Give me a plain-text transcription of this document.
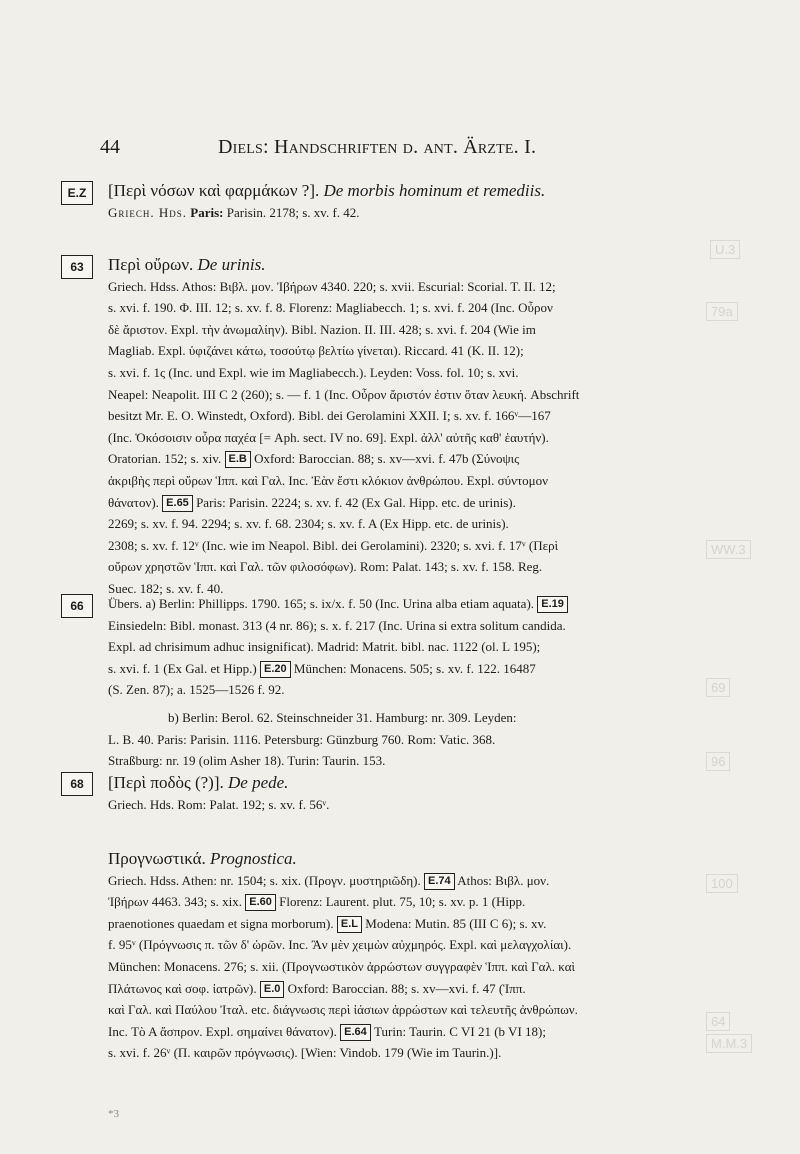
U.3
79a
WW.3
69
96
100
64
M.M.3
44	Diels: Handschriften d. ant. Ärzte. I.
E.Z
63
66
68

[Περὶ νόσων καὶ φαρμάκων ?]. De morbis hominum et remediis.

Griech. Hds. Paris: Parisin. 2178; s. xv. f. 42.

Περὶ οὔρων. De urinis.

Griech. Hdss. Athos: Βιβλ. μον. Ἰβήρων 4340. 220; s. xvii. Escurial: Scorial. T. II. 12;

s. xvi. f. 190. Φ. III. 12; s. xv. f. 8. Florenz: Magliabecch. 1; s. xvi. f. 204 (Inc. Οὖρον

δὲ ἄριστον. Expl. τὴν ἀνωμαλίην). Bibl. Nazion. II. III. 428; s. xvi. f. 204 (Wie im

Magliab. Expl. ὑφιζάνει κάτω, τοσούτῳ βελτίω γίνεται). Riccard. 41 (K. II. 12);

s. xvi. f. 1ς (Inc. und Expl. wie im Magliabecch.). Leyden: Voss. fol. 10; s. xvi.

Neapel: Neapolit. III C 2 (260); s. — f. 1 (Inc. Οὖρον ἄριστόν ἐστιν ὅταν λευκή. Abschrift

besitzt Mr. E. O. Winstedt, Oxford). Bibl. dei Gerolamini XXII. I; s. xv. f. 166ᵛ—167

(Inc. Ὁκόσοισιν οὖρα παχέα [= Aph. sect. IV no. 69]. Expl. ἀλλ' αὐτῆς καθ' ἑαυτήν).

Oratorian. 152; s. xiv. E.B Oxford: Baroccian. 88; s. xv—xvi. f. 47b (Σύνοψις

ἀκριβὴς περὶ οὔρων Ἱππ. καὶ Γαλ. Inc. Ἐὰν ἔστι κλόκιον ἀνθρώπου. Expl. σύντομον

θάνατον). E.65 Paris: Parisin. 2224; s. xv. f. 42 (Ex Gal. Hipp. etc. de urinis).

2269; s. xv. f. 94. 2294; s. xv. f. 68. 2304; s. xv. f. A (Ex Hipp. etc. de urinis).

2308; s. xv. f. 12ᵛ (Inc. wie im Neapol. Bibl. dei Gerolamini). 2320; s. xvi. f. 17ᵛ (Περὶ

οὔρων χρηστῶν Ἱππ. καὶ Γαλ. τῶν φιλοσόφων). Rom: Palat. 143; s. xv. f. 158. Reg.

Suec. 182; s. xv. f. 40.

Übers. a) Berlin: Phillipps. 1790. 165; s. ix/x. f. 50 (Inc. Urina alba etiam aquata). E.19

Einsiedeln: Bibl. monast. 313 (4 nr. 86); s. x. f. 217 (Inc. Urina si extra solitum candida.

Expl. ad chrisimum adhuc insignificat). Madrid: Matrit. bibl. nac. 1122 (ol. L 195);

s. xvi. f. 1 (Ex Gal. et Hipp.) E.20 München: Monacens. 505; s. xv. f. 122. 16487

(S. Zen. 87); a. 1525—1526 f. 92.

b) Berlin: Berol. 62. Steinschneider 31. Hamburg: nr. 309. Leyden:

L. B. 40. Paris: Parisin. 1116. Petersburg: Günzburg 760. Rom: Vatic. 368.

Straßburg: nr. 19 (olim Asher 18). Turin: Taurin. 153.

[Περὶ ποδὸς (?)]. De pede.

Griech. Hds. Rom: Palat. 192; s. xv. f. 56ᵛ.

Προγνωστικά. Prognostica.

Griech. Hdss. Athen: nr. 1504; s. xix. (Προγν. μυστηριῶδη). E.74 Athos: Βιβλ. μον.

Ἰβήρων 4463. 343; s. xix. E.60 Florenz: Laurent. plut. 75, 10; s. xv. p. 1 (Hipp.

praenotiones quaedam et signa morborum). E.L Modena: Mutin. 85 (III C 6); s. xv.

f. 95ᵛ (Πρόγνωσις π. τῶν δ' ὡρῶν. Inc. Ἂν μὲν χειμὼν αὐχμηρός. Expl. καὶ μελαγχολίαι).

München: Monacens. 276; s. xii. (Προγνωστικὸν ἀρρώστων συγγραφὲν Ἱππ. καὶ Γαλ. καὶ

Πλάτωνος καὶ σοφ. ἰατρῶν). E.0 Oxford: Baroccian. 88; s. xv—xvi. f. 47 (Ἱππ.

καὶ Γαλ. καὶ Παύλου Ἰταλ. etc. διάγνωσις περὶ ἰάσιων ἀρρώστων καὶ τελευτῆς ἀνθρώπων.

Inc. Τὸ Α ἄσπρον. Expl. σημαίνει θάνατον). E.64 Turin: Taurin. C VI 21 (b VI 18);

s. xvi. f. 26ᵛ (Π. καιρῶν πρόγνωσις). [Wien: Vindob. 179 (Wie im Taurin.)].

*3
